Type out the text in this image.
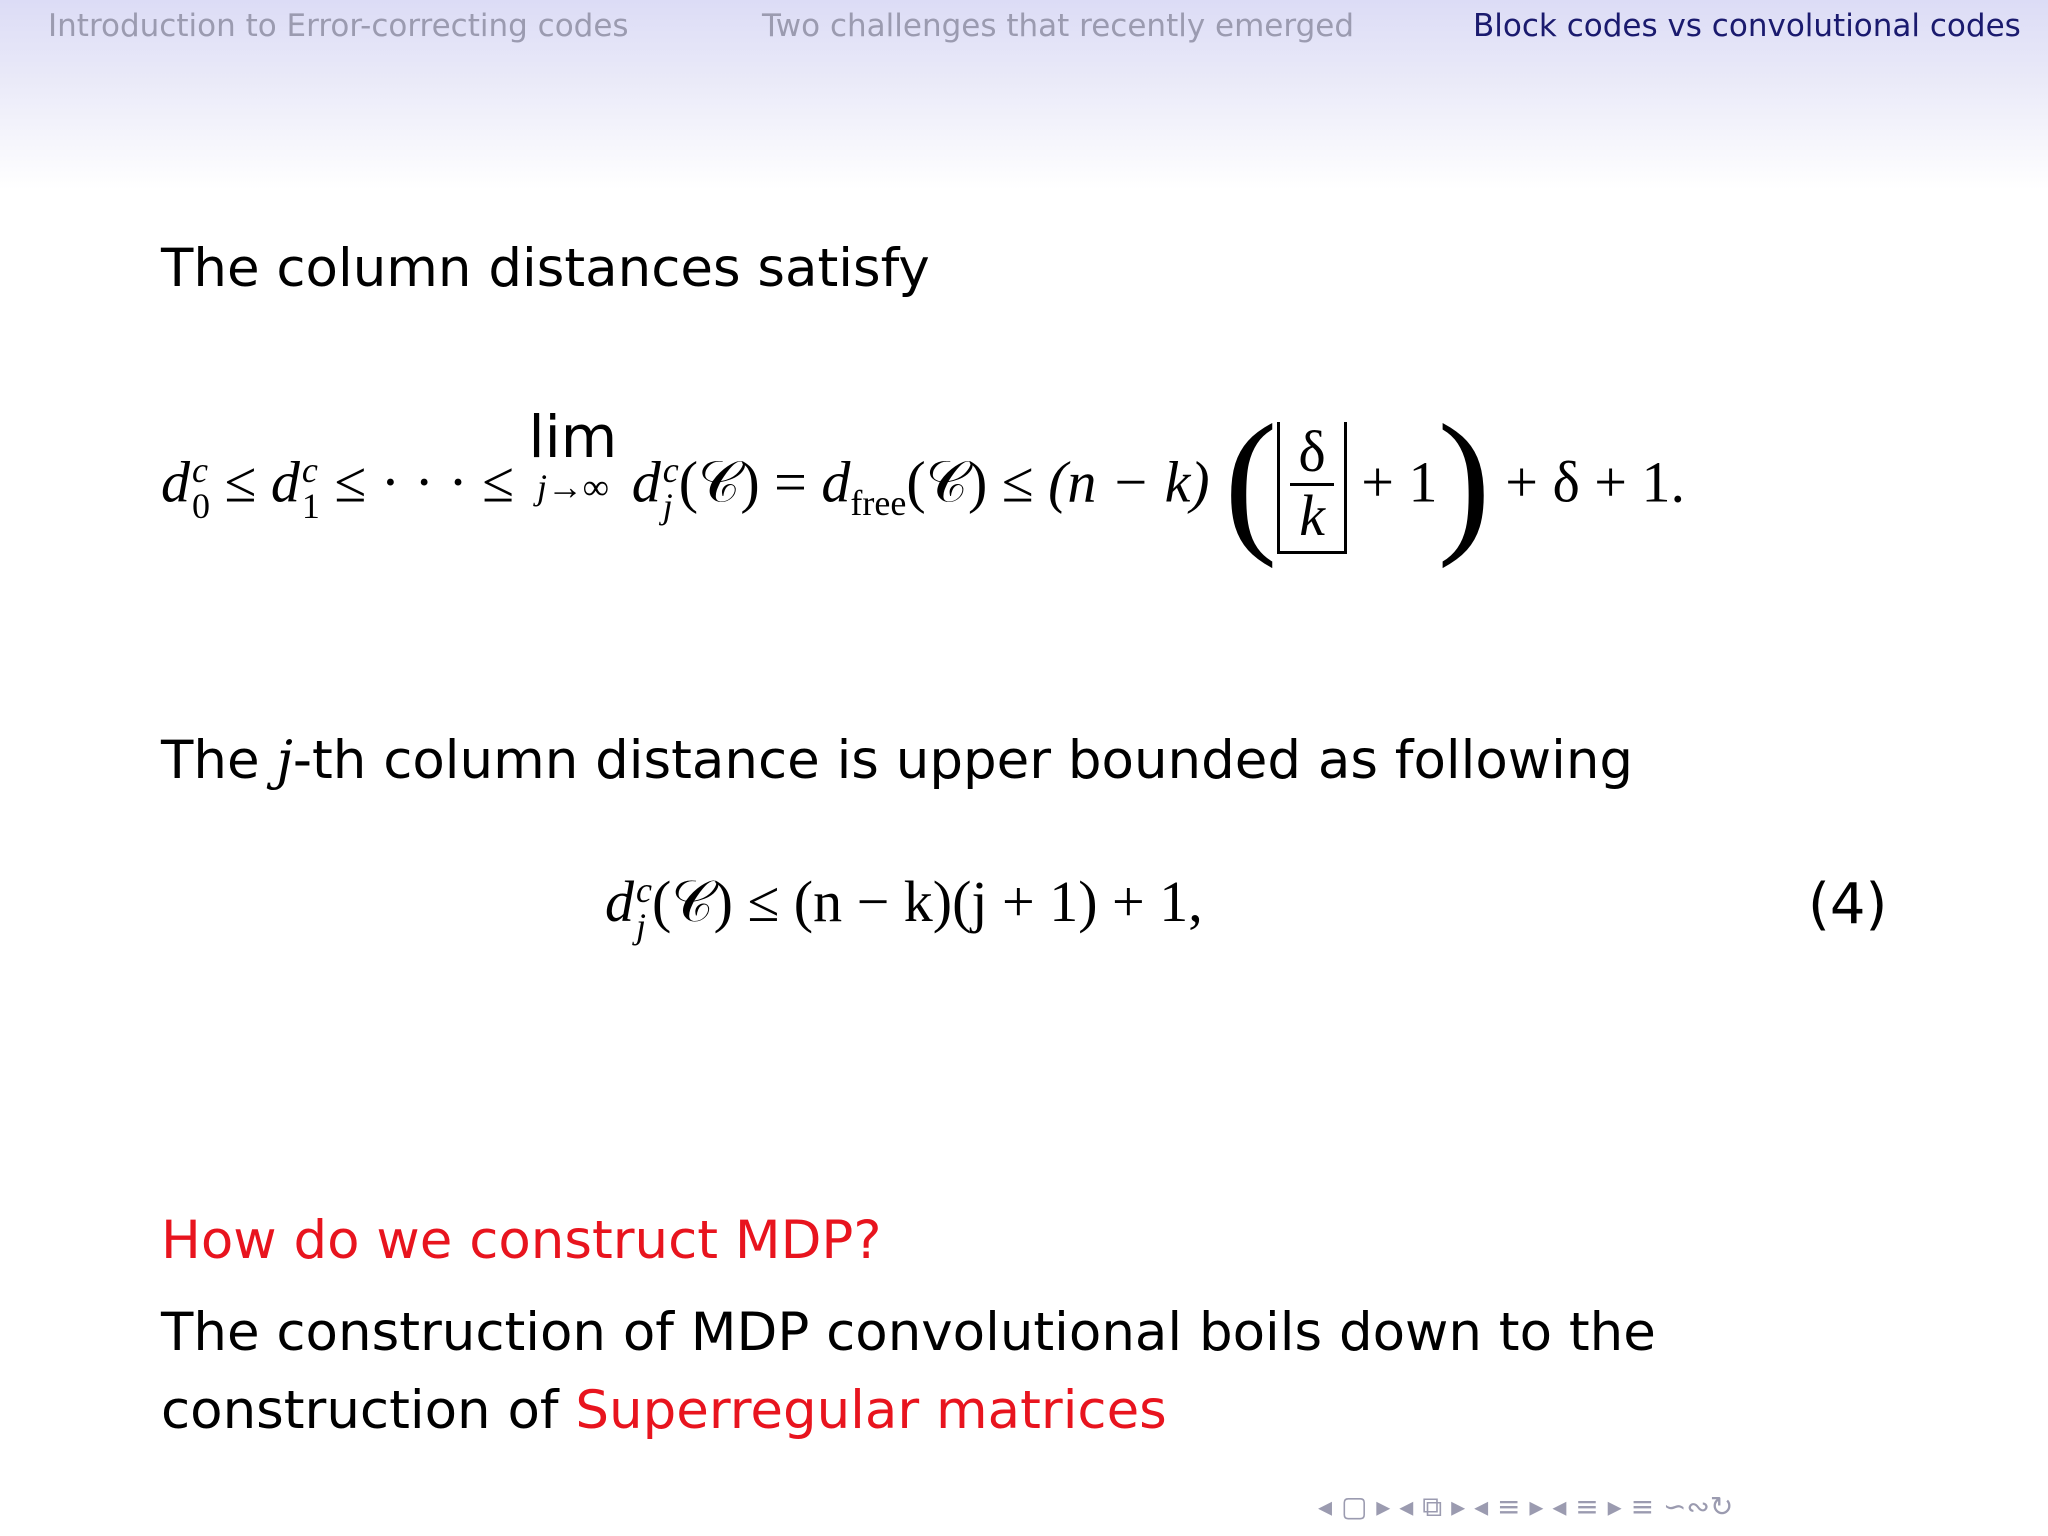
Introduction to Error-correcting codes	Two challenges that recently emerged	Block codes vs convolutional codes
The column distances satisfy
d c
0 ≤ d c
1 ≤ · · · ≤ lim
j→∞ d c
j (𝒞) = $d_{free}(𝒞) \le (n - k)$ ( $\frac{\delta}{k} + 1) + \delta + 1$.
The j-th column distance is upper bounded as following
d c
j (𝒞) ≤ (n − k)(j + 1) + 1,	(4)
How do we construct MDP?
The construction of MDP convolutional boils down to the
construction of Superregular matrices
◂ ▢ ▸ ◂ ⧉ ▸ ◂ ≡ ▸ ◂ ≡ ▸ ≡ ∽∾↻
